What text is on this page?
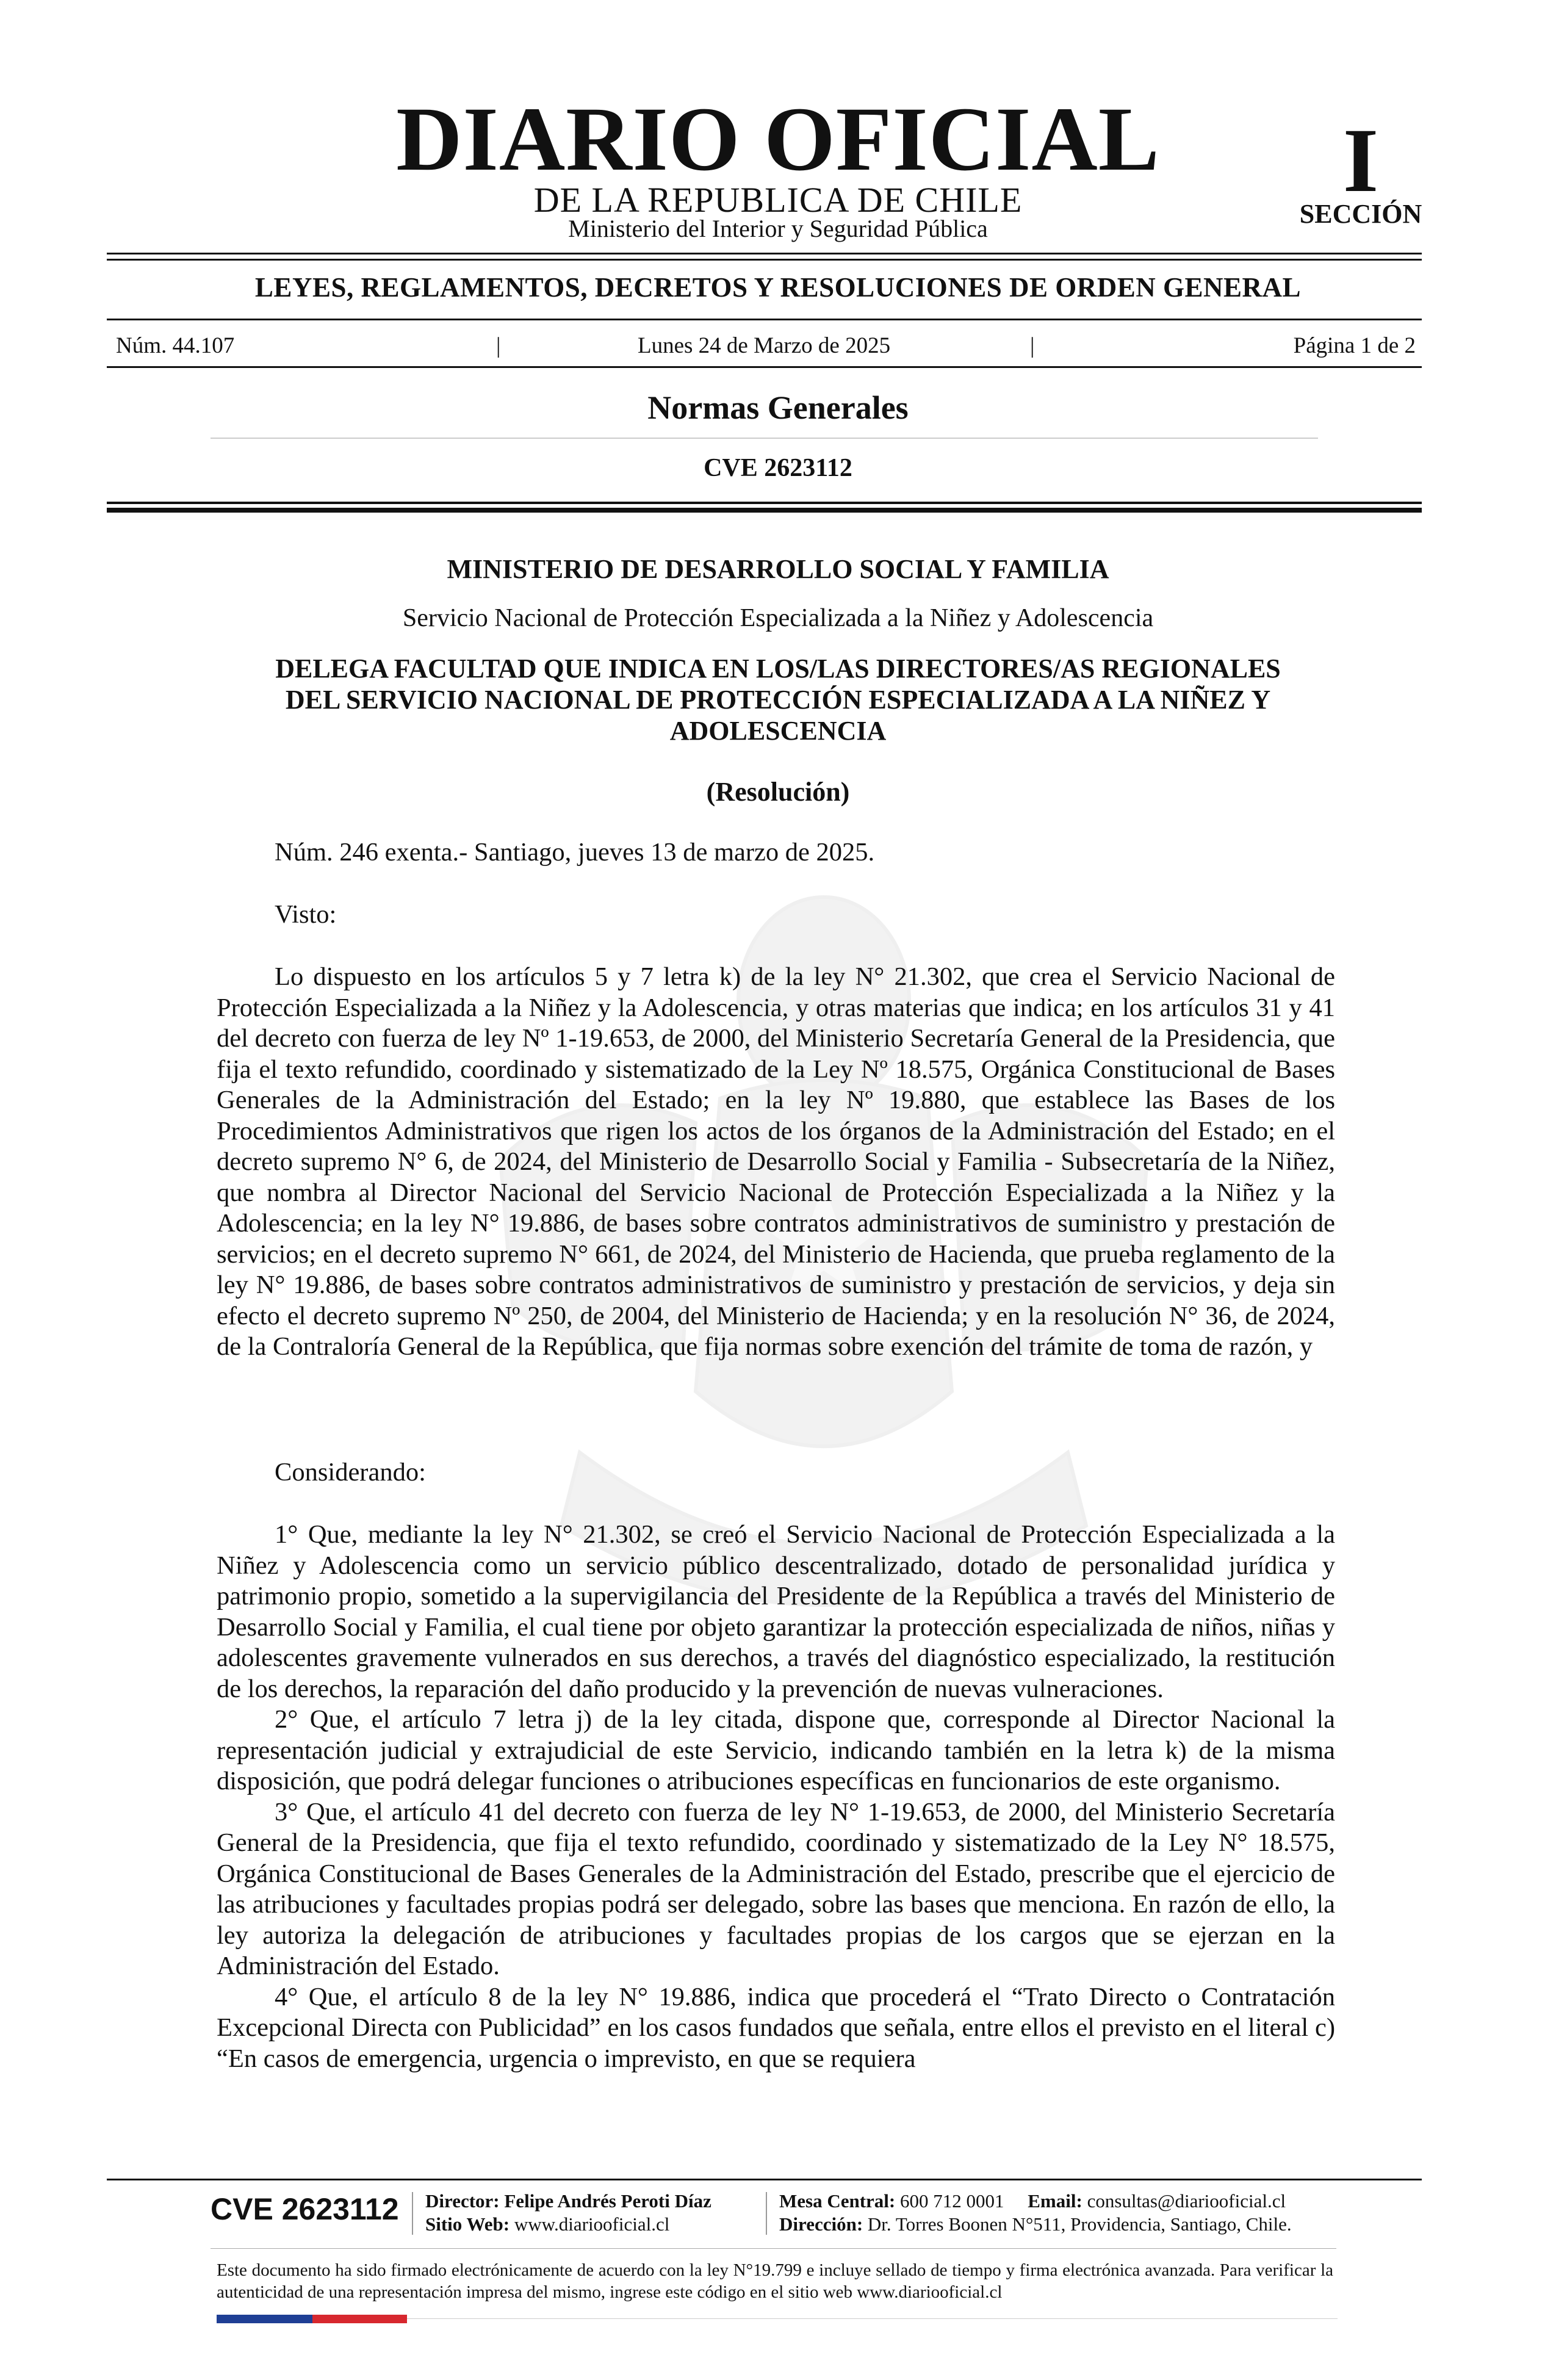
DIARIO OFICIAL
DE LA REPUBLICA DE CHILE
Ministerio del Interior y Seguridad Pública
I
SECCIÓN
LEYES, REGLAMENTOS, DECRETOS Y RESOLUCIONES DE ORDEN GENERAL
Núm. 44.107	|	Lunes 24 de Marzo de 2025	|	Página 1 de 2
Normas Generales
CVE 2623112
MINISTERIO DE DESARROLLO SOCIAL Y FAMILIA
Servicio Nacional de Protección Especializada a la Niñez y Adolescencia
DELEGA FACULTAD QUE INDICA EN LOS/LAS DIRECTORES/AS REGIONALES
DEL SERVICIO NACIONAL DE PROTECCIÓN ESPECIALIZADA A LA NIÑEZ Y
ADOLESCENCIA
(Resolución)
Núm. 246 exenta.- Santiago, jueves 13 de marzo de 2025.
Visto:

Lo dispuesto en los artículos 5 y 7 letra k) de la ley N° 21.302, que crea el Servicio Nacional de Protección Especializada a la Niñez y la Adolescencia, y otras materias que indica; en los artículos 31 y 41 del decreto con fuerza de ley Nº 1-19.653, de 2000, del Ministerio Secretaría General de la Presidencia, que fija el texto refundido, coordinado y sistematizado de la Ley Nº 18.575, Orgánica Constitucional de Bases Generales de la Administración del Estado; en la ley Nº 19.880, que establece las Bases de los Procedimientos Administrativos que rigen los actos de los órganos de la Administración del Estado; en el decreto supremo N° 6, de 2024, del Ministerio de Desarrollo Social y Familia - Subsecretaría de la Niñez, que nombra al Director Nacional del Servicio Nacional de Protección Especializada a la Niñez y la Adolescencia; en la ley N° 19.886, de bases sobre contratos administrativos de suministro y prestación de servicios; en el decreto supremo N° 661, de 2024, del Ministerio de Hacienda, que prueba reglamento de la ley N° 19.886, de bases sobre contratos administrativos de suministro y prestación de servicios, y deja sin efecto el decreto supremo Nº 250, de 2004, del Ministerio de Hacienda; y en la resolución N° 36, de 2024, de la Contraloría General de la República, que fija normas sobre exención del trámite de toma de razón, y

Considerando:

1° Que, mediante la ley N° 21.302, se creó el Servicio Nacional de Protección Especializada a la Niñez y Adolescencia como un servicio público descentralizado, dotado de personalidad jurídica y patrimonio propio, sometido a la supervigilancia del Presidente de la República a través del Ministerio de Desarrollo Social y Familia, el cual tiene por objeto garantizar la protección especializada de niños, niñas y adolescentes gravemente vulnerados en sus derechos, a través del diagnóstico especializado, la restitución de los derechos, la reparación del daño producido y la prevención de nuevas vulneraciones.

2° Que, el artículo 7 letra j) de la ley citada, dispone que, corresponde al Director Nacional la representación judicial y extrajudicial de este Servicio, indicando también en la letra k) de la misma disposición, que podrá delegar funciones o atribuciones específicas en funcionarios de este organismo.

3° Que, el artículo 41 del decreto con fuerza de ley N° 1-19.653, de 2000, del Ministerio Secretaría General de la Presidencia, que fija el texto refundido, coordinado y sistematizado de la Ley N° 18.575, Orgánica Constitucional de Bases Generales de la Administración del Estado, prescribe que el ejercicio de las atribuciones y facultades propias podrá ser delegado, sobre las bases que menciona. En razón de ello, la ley autoriza la delegación de atribuciones y facultades propias de los cargos que se ejerzan en la Administración del Estado.

4° Que, el artículo 8 de la ley N° 19.886, indica que procederá el “Trato Directo o Contratación Excepcional Directa con Publicidad” en los casos fundados que señala, entre ellos el previsto en el literal c) “En casos de emergencia, urgencia o imprevisto, en que se requiera

CVE 2623112	Director: Felipe Andrés Peroti Díaz
Sitio Web: www.diariooficial.cl
Mesa Central: 600 712 0001 Email: consultas@diariooficial.cl
Dirección: Dr. Torres Boonen N°511, Providencia, Santiago, Chile.
Este documento ha sido firmado electrónicamente de acuerdo con la ley N°19.799 e incluye sellado de tiempo y firma electrónica avanzada. Para verificar la autenticidad de una representación impresa del mismo, ingrese este código en el sitio web www.diariooficial.cl
